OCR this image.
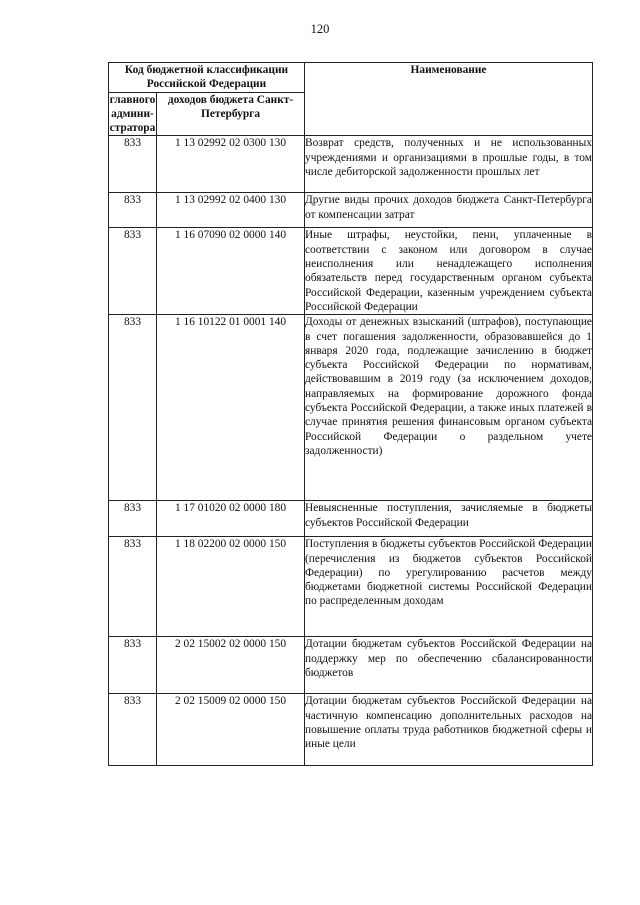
120
Код бюджетной классификации Российской Федерации		Наименование
главного админи-стратора	доходов бюджета Санкт-Петербурга	
833	1 13 02992 02 0300 130	Возврат средств, полученных и не использованных учреждениями и организациями в прошлые годы, в том числе дебиторской задолженности прошлых лет
833	1 13 02992 02 0400 130	Другие виды прочих доходов бюджета Санкт-Петербурга от компенсации затрат
833	1 16 07090 02 0000 140	Иные штрафы, неустойки, пени, уплаченные в соответствии с законом или договором в случае неисполнения или ненадлежащего исполнения обязательств перед государственным органом субъекта Российской Федерации, казенным учреждением субъекта Российской Федерации
833	1 16 10122 01 0001 140	Доходы от денежных взысканий (штрафов), поступающие в счет погашения задолженности, образовавшейся до 1 января 2020 года, подлежащие зачислению в бюджет субъекта Российской Федерации по нормативам, действовавшим в 2019 году (за исключением доходов, направляемых на формирование дорожного фонда субъекта Российской Федерации, а также иных платежей в случае принятия решения финансовым органом субъекта Российской Федерации о раздельном учете задолженности)
833	1 17 01020 02 0000 180	Невыясненные поступления, зачисляемые в бюджеты субъектов Российской Федерации
833	1 18 02200 02 0000 150	Поступления в бюджеты субъектов Российской Федерации (перечисления из бюджетов субъектов Российской Федерации) по урегулированию расчетов между бюджетами бюджетной системы Российской Федерации по распределенным доходам
833	2 02 15002 02 0000 150	Дотации бюджетам субъектов Российской Федерации на поддержку мер по обеспечению сбалансированности бюджетов
833	2 02 15009 02 0000 150	Дотации бюджетам субъектов Российской Федерации на частичную компенсацию дополнительных расходов на повышение оплаты труда работников бюджетной сферы и иные цели
